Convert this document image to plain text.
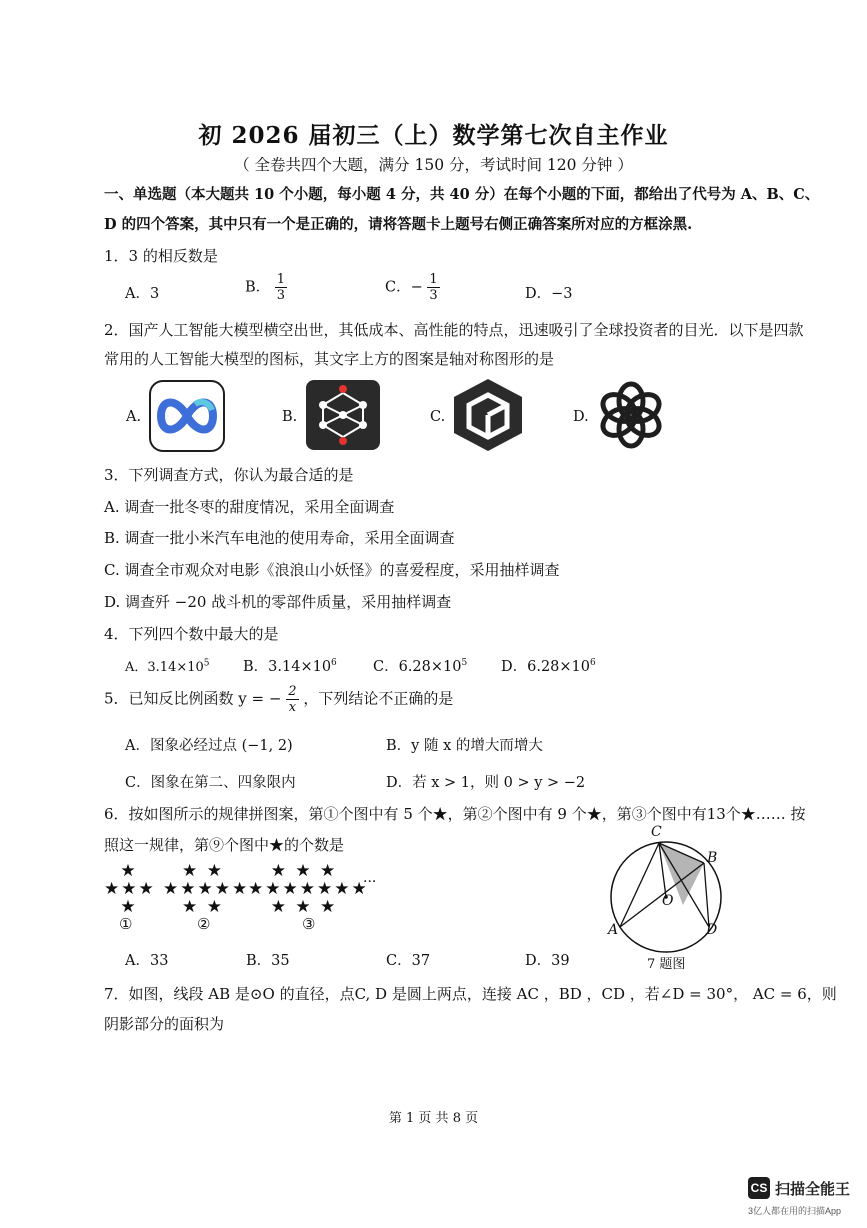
初 2026 届初三（上）数学第七次自主作业
（ 全卷共四个大题，满分 150 分，考试时间 120 分钟 ）
一、单选题（本大题共 10 个小题，每小题 4 分，共 40 分）在每个小题的下面，都给出了代号为 A、B、C、
D 的四个答案，其中只有一个是正确的，请将答题卡上题号右侧正确答案所对应的方框涂黑.
1．3 的相反数是
A．3	B． $\frac{1}{3}$	C．− $\frac{1}{3}$	D．−3
2．国产人工智能大模型横空出世，其低成本、高性能的特点，迅速吸引了全球投资者的目光．以下是四款
常用的人工智能大模型的图标，其文字上方的图案是轴对称图形的是
A.	B.	C.	D.
3．下列调查方式，你认为最合适的是
A. 调查一批冬枣的甜度情况，采用全面调查
B. 调查一批小米汽车电池的使用寿命，采用全面调查
C. 调查全市观众对电影《浪浪山小妖怪》的喜爱程度，采用抽样调查
D. 调查歼 −20 战斗机的零部件质量，采用抽样调查
4．下列四个数中最大的是
A．$3.14\times 10^5$ B．$3.14\times 10^6$ C．$6.28\times 10^5$ D．$6.28\times 10^6$
5．已知反比例函数 y = − $\frac{2}{x}$ ，下列结论不正确的是
A．图象必经过点 (−1, 2)	B．y 随 x 的增大而增大
C．图象在第二、四象限内	D．若 x > 1，则 0 > y > −2
6．按如图所示的规律拼图案，第①个图中有 5 个★，第②个图中有 9 个★，第③个图中有13个★…… 按
照这一规律，第⑨个图中★的个数是
★
★★★
★
★ ★
★★★★★
★ ★
★ ★ ★
★★★★★★★
★ ★ ★
···
①	②	③
A．33	B．35	C．37	D．39
C
B
O
A	D
7 题图
7．如图，线段 AB 是⊙O 的直径，点C, D 是圆上两点，连接 AC ，BD ，CD ，若∠D = 30°， AC = 6，则
阴影部分的面积为
第 1 页 共 8 页
CS 扫描全能王
3亿人都在用的扫描App
